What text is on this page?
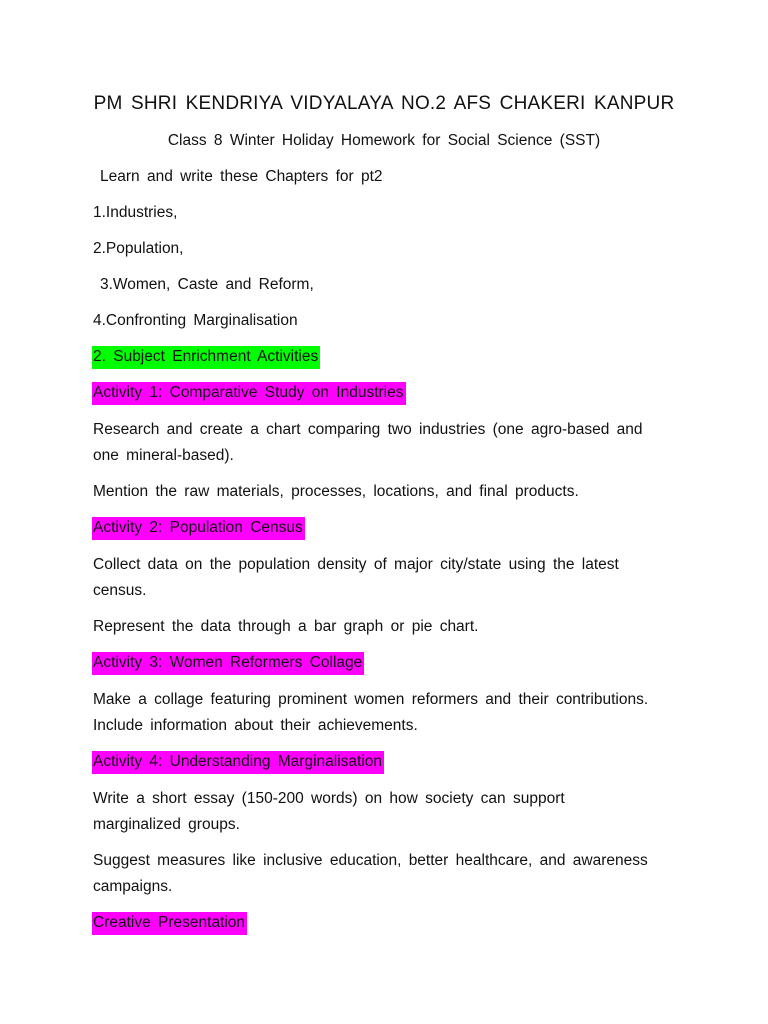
PM SHRI KENDRIYA VIDYALAYA NO.2 AFS CHAKERI KANPUR
Class 8 Winter Holiday Homework for Social Science (SST)
Learn and write these Chapters for pt2
1.Industries,
2.Population,
3.Women, Caste and Reform,
4.Confronting Marginalisation
2. Subject Enrichment Activities
Activity 1: Comparative Study on Industries
Research and create a chart comparing two industries (one agro-based and
one mineral-based).
Mention the raw materials, processes, locations, and final products.
Activity 2: Population Census
Collect data on the population density of major city/state using the latest
census.
Represent the data through a bar graph or pie chart.
Activity 3: Women Reformers Collage
Make a collage featuring prominent women reformers and their contributions.
Include information about their achievements.
Activity 4: Understanding Marginalisation
Write a short essay (150-200 words) on how society can support
marginalized groups.
Suggest measures like inclusive education, better healthcare, and awareness
campaigns.
Creative Presentation
